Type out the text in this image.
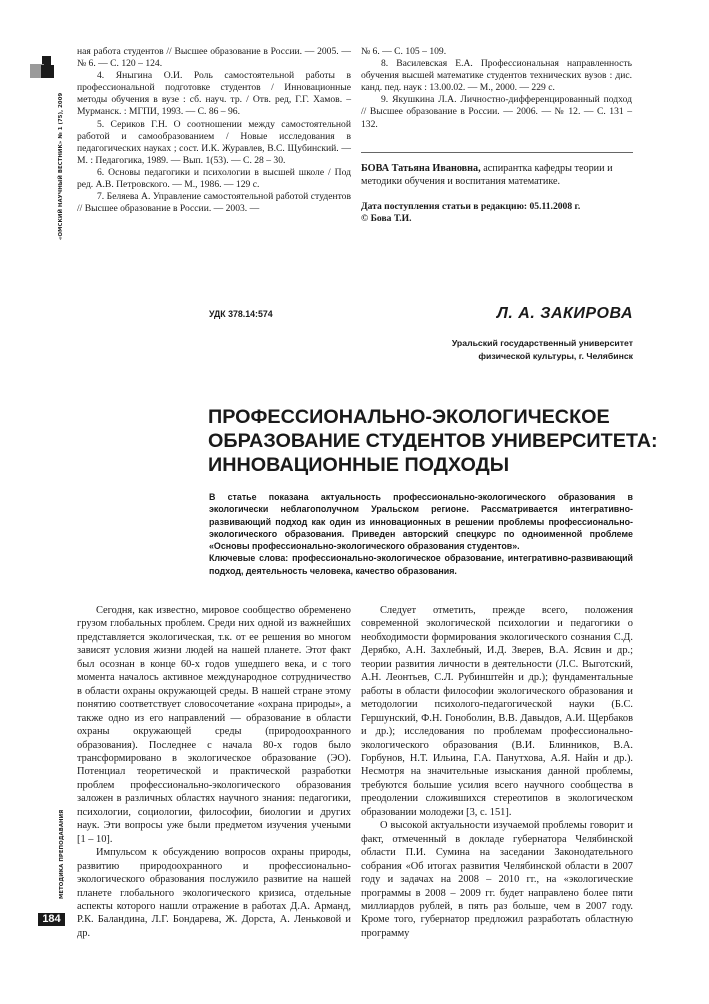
«ОМСКИЙ НАУЧНЫЙ ВЕСТНИК» № 1 (75), 2009
МЕТОДИКА ПРЕПОДАВАНИЯ
184

ная работа студентов // Высшее образование в России. — 2005. — № 6. — С. 120 – 124.

4. Яныгина О.И. Роль самостоятельной работы в профессиональной подготовке студентов / Инновационные методы обучения в вузе : сб. науч. тр. / Отв. ред, Г.Г. Хамов. – Мурманск. : МГПИ, 1993. — С. 86 – 96.

5. Сериков Г.Н. О соотношении между самостоятельной работой и самообразованием / Новые исследования в педагогических науках ; сост. И.К. Журавлев, В.С. Щубинский. — М. : Педагогика, 1989. — Вып. 1(53). — С. 28 – 30.

6. Основы педагогики и психологии в высшей школе / Под ред. А.В. Петровского. — М., 1986. — 129 с.

7. Беляева А. Управление самостоятельной работой студентов // Высшее образование в России. — 2003. —

№ 6. — С. 105 – 109.

8. Василевская Е.А. Профессиональная направленность обучения высшей математике студентов технических вузов : дис. канд. пед. наук : 13.00.02. — М., 2000. — 229 с.

9. Якушкина Л.А. Личностно-дифференцированный подход // Высшее образование в России. — 2006. — № 12. — С. 131 – 132.

БОВА Татьяна Ивановна, аспирантка кафедры теории и методики обучения и воспитания математике.
Дата поступления статьи в редакцию: 05.11.2008 г.
© Бова Т.И.
УДК 378.14:574	Л. А. ЗАКИРОВА
Уральский государственный университет
физической культуры, г. Челябинск
ПРОФЕССИОНАЛЬНО-ЭКОЛОГИЧЕСКОЕ
ОБРАЗОВАНИЕ СТУДЕНТОВ УНИВЕРСИТЕТА:
ИННОВАЦИОННЫЕ ПОДХОДЫ
В статье показана актуальность профессионально-экологического образования в экологически неблагополучном Уральском регионе. Рассматривается интегративно-развивающий подход как один из инновационных в решении проблемы профессионально-экологического образования. Приведен авторский спецкурс по одноименной проблеме «Основы профессионально-экологического образования студентов».
Ключевые слова: профессионально-экологическое образование, интегративно-развивающий подход, деятельность человека, качество образования.

Сегодня, как известно, мировое сообщество обременено грузом глобальных проблем. Среди них одной из важнейших представляется экологическая, т.к. от ее решения во многом зависят условия жизни людей на нашей планете. Этот факт был осознан в конце 60-х годов ушедшего века, и с того момента началось активное международное сотрудничество в области охраны окружающей среды. В нашей стране этому понятию соответствует словосочетание «охрана природы», а также одно из его направлений — образование в области охраны окружающей среды (природоохранного образования). Последнее с начала 80-х годов было трансформировано в экологическое образование (ЭО). Потенциал теоретической и практической разработки проблем профессионально-экологического образования заложен в различных областях научного знания: педагогики, психологии, социологии, философии, биологии и других наук. Эти вопросы уже были предметом изучения учеными [1 – 10].

Импульсом к обсуждению вопросов охраны природы, развитию природоохранного и профессионально-экологического образования послужило развитие на нашей планете глобального экологического кризиса, отдельные аспекты которого нашли отражение в работах Д.А. Арманд, Р.К. Баландина, Л.Г. Бондарева, Ж. Дорста, А. Леньковой и др.

Следует отметить, прежде всего, положения современной экологической психологии и педагогики о необходимости формирования экологического сознания С.Д. Дерябко, А.Н. Захлебный, И.Д. Зверев, В.А. Ясвин и др.; теории развития личности в деятельности (Л.С. Выготский, А.Н. Леонтьев, С.Л. Рубинштейн и др.); фундаментальные работы в области философии экологического образования и методологии психолого-педагогической науки (Б.С. Гершунский, Ф.Н. Гоноболин, В.В. Давыдов, А.И. Щербаков и др.); исследования по проблемам профессионально-экологического образования (В.И. Блинников, В.А. Горбунов, Н.Т. Ильина, Г.А. Панутхова, А.Я. Найн и др.). Несмотря на значительные изыскания данной проблемы, требуются большие усилия всего научного сообщества в преодолении сложившихся стереотипов в экологическом образовании молодежи [3, с. 151].

О высокой актуальности изучаемой проблемы говорит и факт, отмеченный в докладе губернатора Челябинской области П.И. Сумина на заседании Законодательного собрания «Об итогах развития Челябинской области в 2007 году и задачах на 2008 – 2010 гг., на «экологические программы в 2008 – 2009 гг. будет направлено более пяти миллиардов рублей, в пять раз больше, чем в 2007 году. Кроме того, губернатор предложил разработать областную программу
